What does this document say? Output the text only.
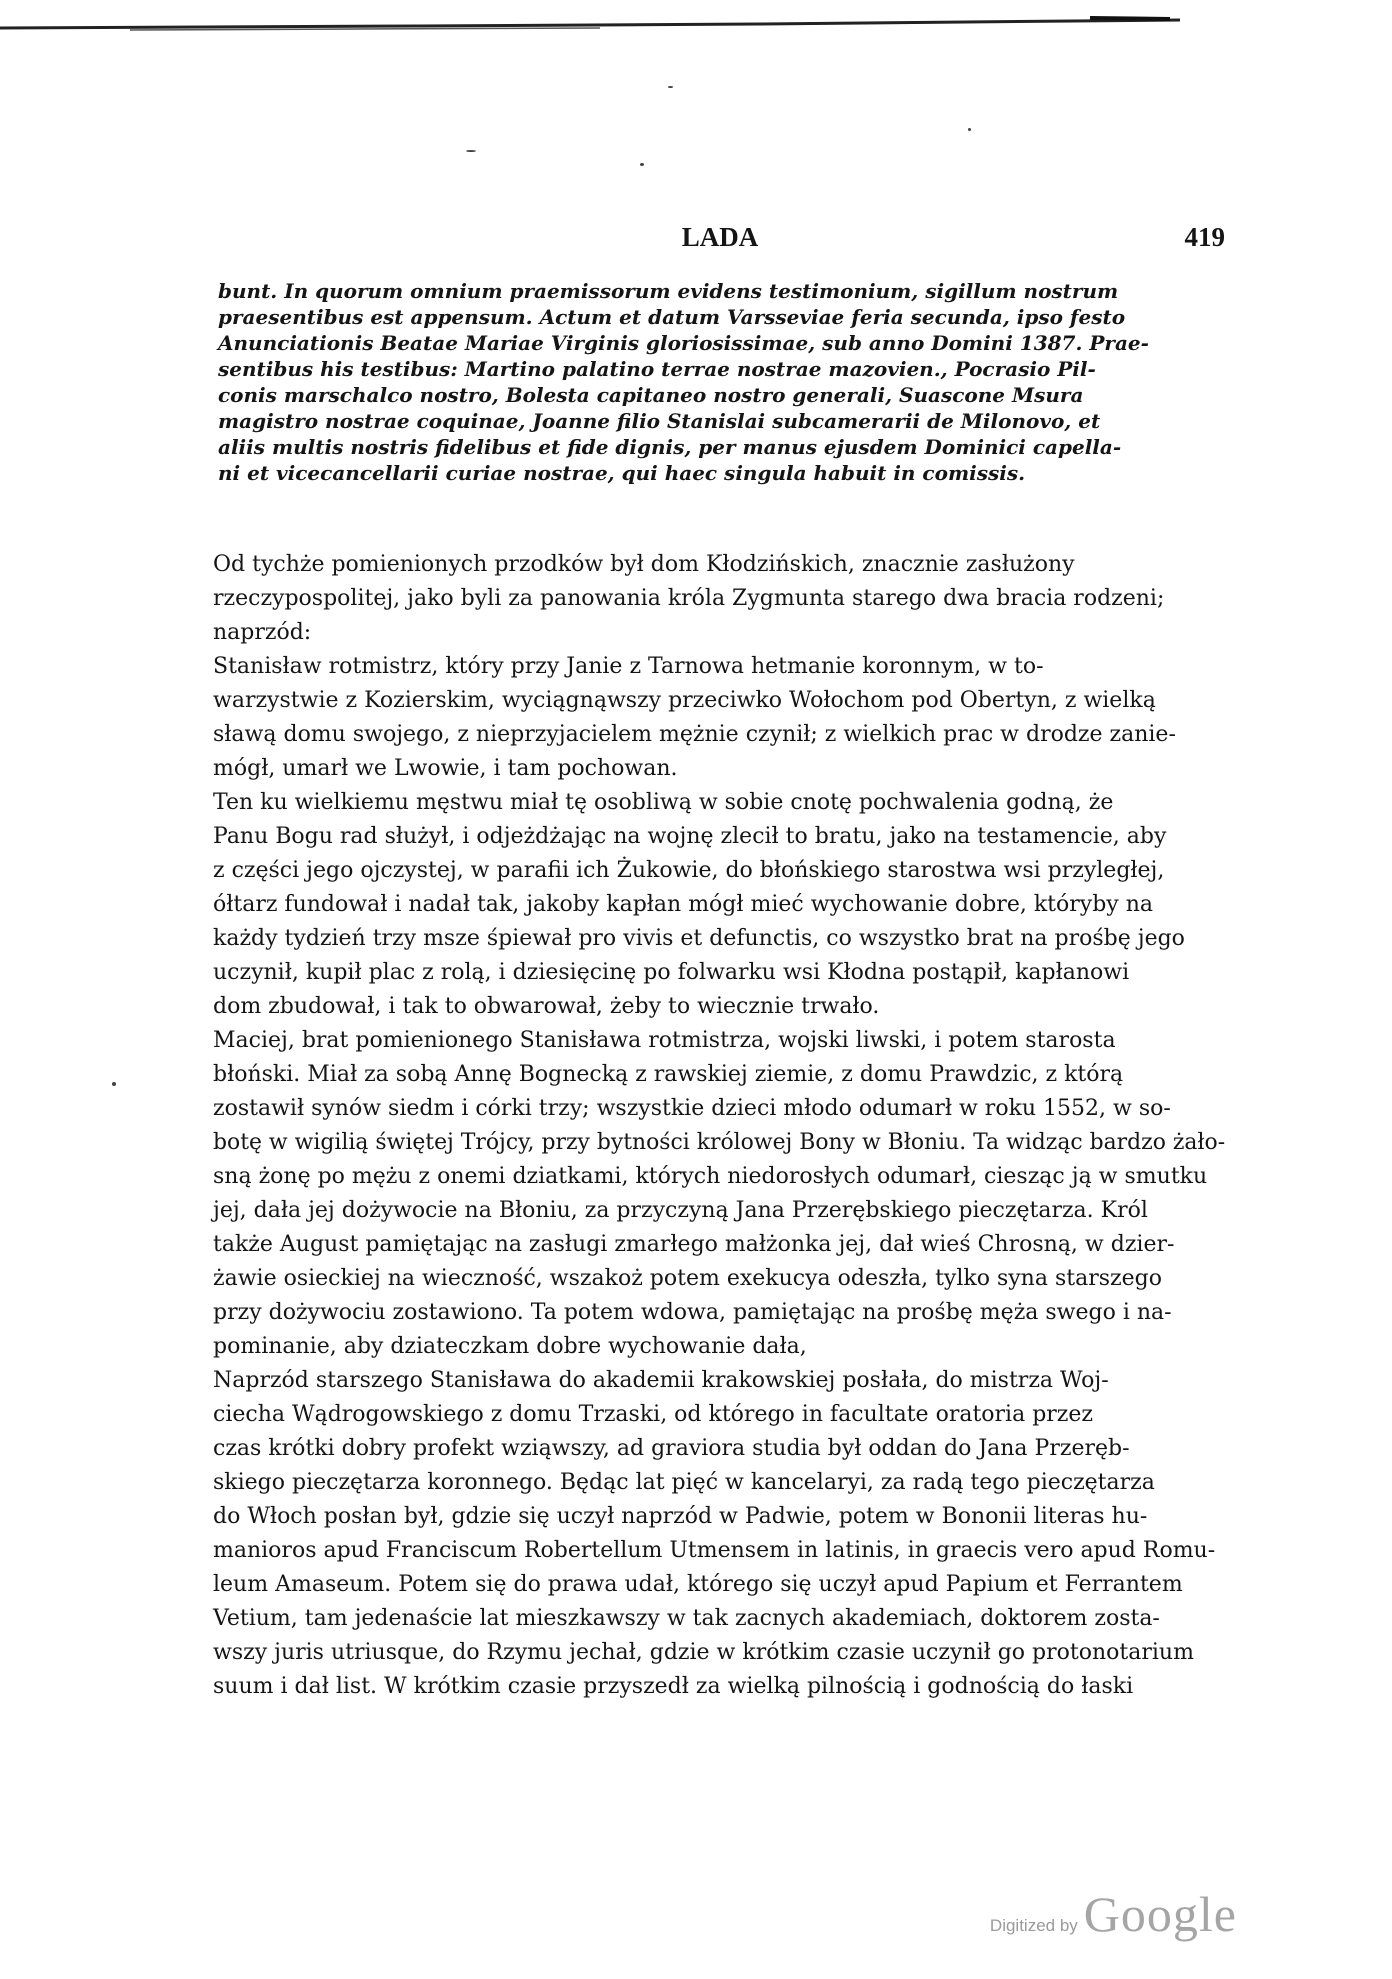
LADA	419
bunt. In quorum omnium praemissorum evidens testimonium, sigillum nostrum
praesentibus est appensum. Actum et datum Varsseviae feria secunda, ipso festo
Anunciationis Beatae Mariae Virginis gloriosissimae, sub anno Domini 1387. Prae-
sentibus his testibus: Martino palatino terrae nostrae mazovien., Pocrasio Pil-
conis marschalco nostro, Bolesta capitaneo nostro generali, Suascone Msura
magistro nostrae coquinae, Joanne filio Stanislai subcamerarii de Milonovo, et
aliis multis nostris fidelibus et fide dignis, per manus ejusdem Dominici capella-
ni et vicecancellarii curiae nostrae, qui haec singula habuit in comissis.
Od tychże pomienionych przodków był dom Kłodzińskich, znacznie zasłużony
rzeczypospolitej, jako byli za panowania króla Zygmunta starego dwa bracia rodzeni;
naprzód:
Stanisław rotmistrz, który przy Janie z Tarnowa hetmanie koronnym, w to-
warzystwie z Kozierskim, wyciągnąwszy przeciwko Wołochom pod Obertyn, z wielką
sławą domu swojego, z nieprzyjacielem mężnie czynił; z wielkich prac w drodze zanie-
mógł, umarł we Lwowie, i tam pochowan.
Ten ku wielkiemu męstwu miał tę osobliwą w sobie cnotę pochwalenia godną, że
Panu Bogu rad służył, i odjeżdżając na wojnę zlecił to bratu, jako na testamencie, aby
z części jego ojczystej, w parafii ich Żukowie, do błońskiego starostwa wsi przyległej,
ółtarz fundował i nadał tak, jakoby kapłan mógł mieć wychowanie dobre, któryby na
każdy tydzień trzy msze śpiewał pro vivis et defunctis, co wszystko brat na prośbę jego
uczynił, kupił plac z rolą, i dziesięcinę po folwarku wsi Kłodna postąpił, kapłanowi
dom zbudował, i tak to obwarował, żeby to wiecznie trwało.
Maciej, brat pomienionego Stanisława rotmistrza, wojski liwski, i potem starosta
błoński. Miał za sobą Annę Bognecką z rawskiej ziemie, z domu Prawdzic, z którą
zostawił synów siedm i córki trzy; wszystkie dzieci młodo odumarł w roku 1552, w so-
botę w wigilią świętej Trójcy, przy bytności królowej Bony w Błoniu. Ta widząc bardzo żało-
sną żonę po mężu z onemi dziatkami, których niedorosłych odumarł, ciesząc ją w smutku
jej, dała jej dożywocie na Błoniu, za przyczyną Jana Przerębskiego pieczętarza. Król
także August pamiętając na zasługi zmarłego małżonka jej, dał wieś Chrosną, w dzier-
żawie osieckiej na wieczność, wszakoż potem exekucya odeszła, tylko syna starszego
przy dożywociu zostawiono. Ta potem wdowa, pamiętając na prośbę męża swego i na-
pominanie, aby dziateczkam dobre wychowanie dała,
Naprzód starszego Stanisława do akademii krakowskiej posłała, do mistrza Woj-
ciecha Wądrogowskiego z domu Trzaski, od którego in facultate oratoria przez
czas krótki dobry profekt wziąwszy, ad graviora studia był oddan do Jana Przeręb-
skiego pieczętarza koronnego. Będąc lat pięć w kancelaryi, za radą tego pieczętarza
do Włoch posłan był, gdzie się uczył naprzód w Padwie, potem w Bononii literas hu-
manioros apud Franciscum Robertellum Utmensem in latinis, in graecis vero apud Romu-
leum Amaseum. Potem się do prawa udał, którego się uczył apud Papium et Ferrantem
Vetium, tam jedenaście lat mieszkawszy w tak zacnych akademiach, doktorem zosta-
wszy juris utriusque, do Rzymu jechał, gdzie w krótkim czasie uczynił go protonotarium
suum i dał list. W krótkim czasie przyszedł za wielką pilnością i godnością do łaski
Digitized by Google
